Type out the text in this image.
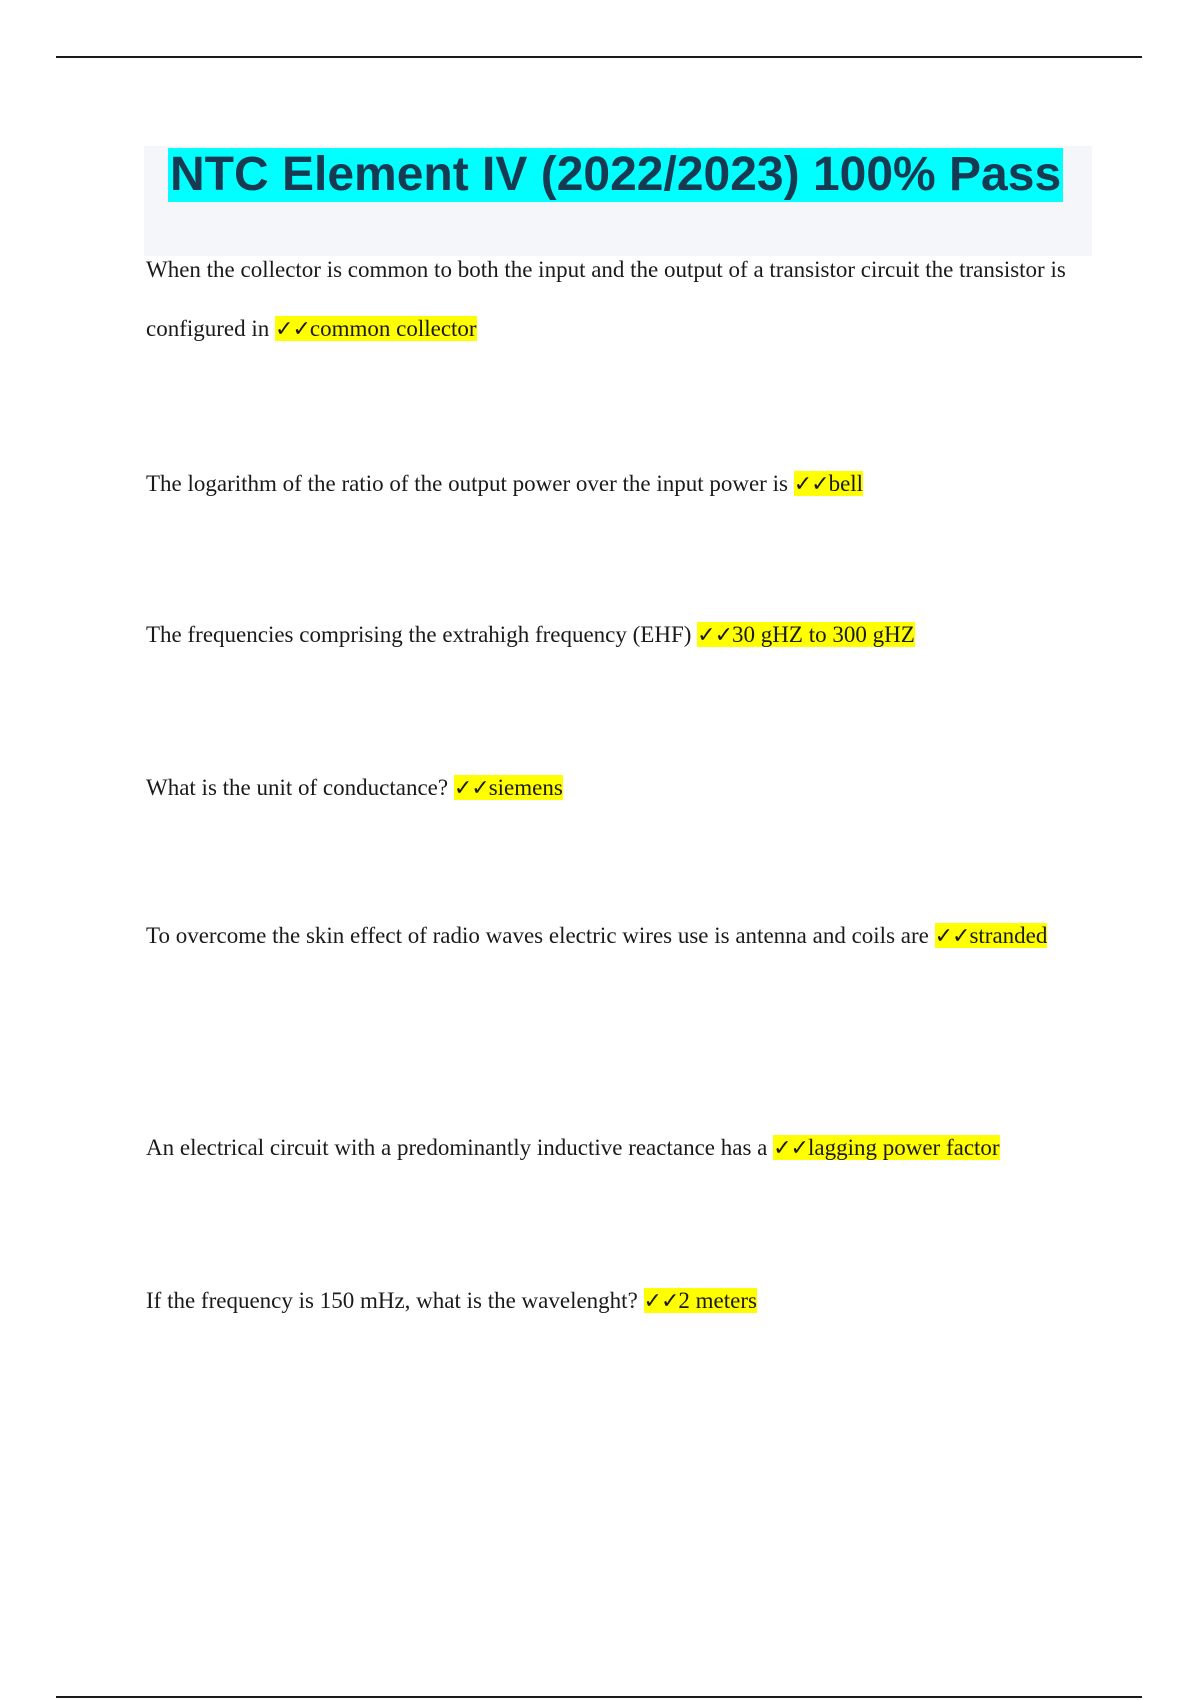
NTC Element IV (2022/2023) 100% Pass

When the collector is common to both the input and the output of a transistor circuit the transistor is configured in ✓✓common collector

The logarithm of the ratio of the output power over the input power is ✓✓bell

The frequencies comprising the extrahigh frequency (EHF) ✓✓30 gHZ to 300 gHZ

What is the unit of conductance? ✓✓siemens

To overcome the skin effect of radio waves electric wires use is antenna and coils are ✓✓stranded

An electrical circuit with a predominantly inductive reactance has a ✓✓lagging power factor

If the frequency is 150 mHz, what is the wavelenght? ✓✓2 meters
